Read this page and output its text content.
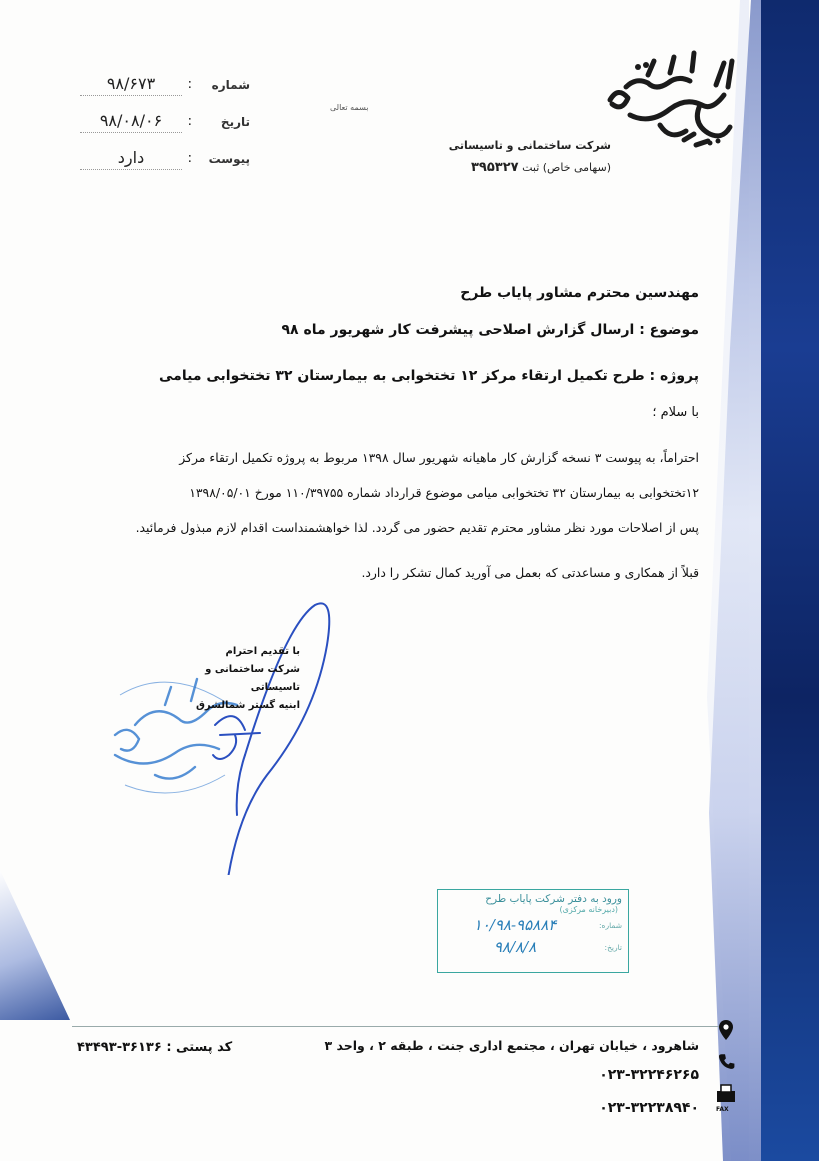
شماره
:
۹۸/۶۷۳
تاریخ
:
۹۸/۰۸/۰۶
پیوست
:
دارد
بسمه تعالی
شرکت ساختمانی و تاسیساتی
(سهامی خاص) ثبت ۳۹۵۳۲۷
مهندسین محترم مشاور پایاب طرح
موضوع : ارسال گزارش اصلاحی پیشرفت کار شهریور ماه ۹۸
پروژه : طرح تکمیل ارتقاء مرکز ۱۲ تختخوابی به بیمارستان ۳۲ تختخوابی میامی
با سلام ؛
احتراماً، به پیوست ۳ نسخه گزارش کار ماهیانه شهریور سال ۱۳۹۸ مربوط به پروژه تکمیل ارتقاء مرکز
۱۲تختخوابی به بیمارستان ۳۲ تختخوابی میامی موضوع قرارداد شماره ۱۱۰/۳۹۷۵۵ مورخ ۱۳۹۸/۰۵/۰۱
پس از اصلاحات مورد نظر مشاور محترم تقدیم حضور می گردد. لذا خواهشمنداست اقدام لازم مبذول فرمائید.
قبلاً از همکاری و مساعدتی که بعمل می آورید کمال تشکر را دارد.
با تقدیم احترام
شرکت ساختمانی و تاسیساتی
ابنیه گستر شمالشرق
ورود به دفتر شرکت پایاب طرح
(دبیرخانه مرکزی)
شماره:
۱۰/۹۸-۹۵۸۸۴
تاریخ:
۹۸/۸/۸
کد پستی : ۳۶۱۳۶-۴۳۴۹۳	شاهرود ، خیابان تهران ، مجتمع اداری جنت ، طبقه ۲ ، واحد ۳
۰۲۳-۳۲۲۴۶۲۶۵
۰۲۳-۳۲۲۳۸۹۴۰	FAX
